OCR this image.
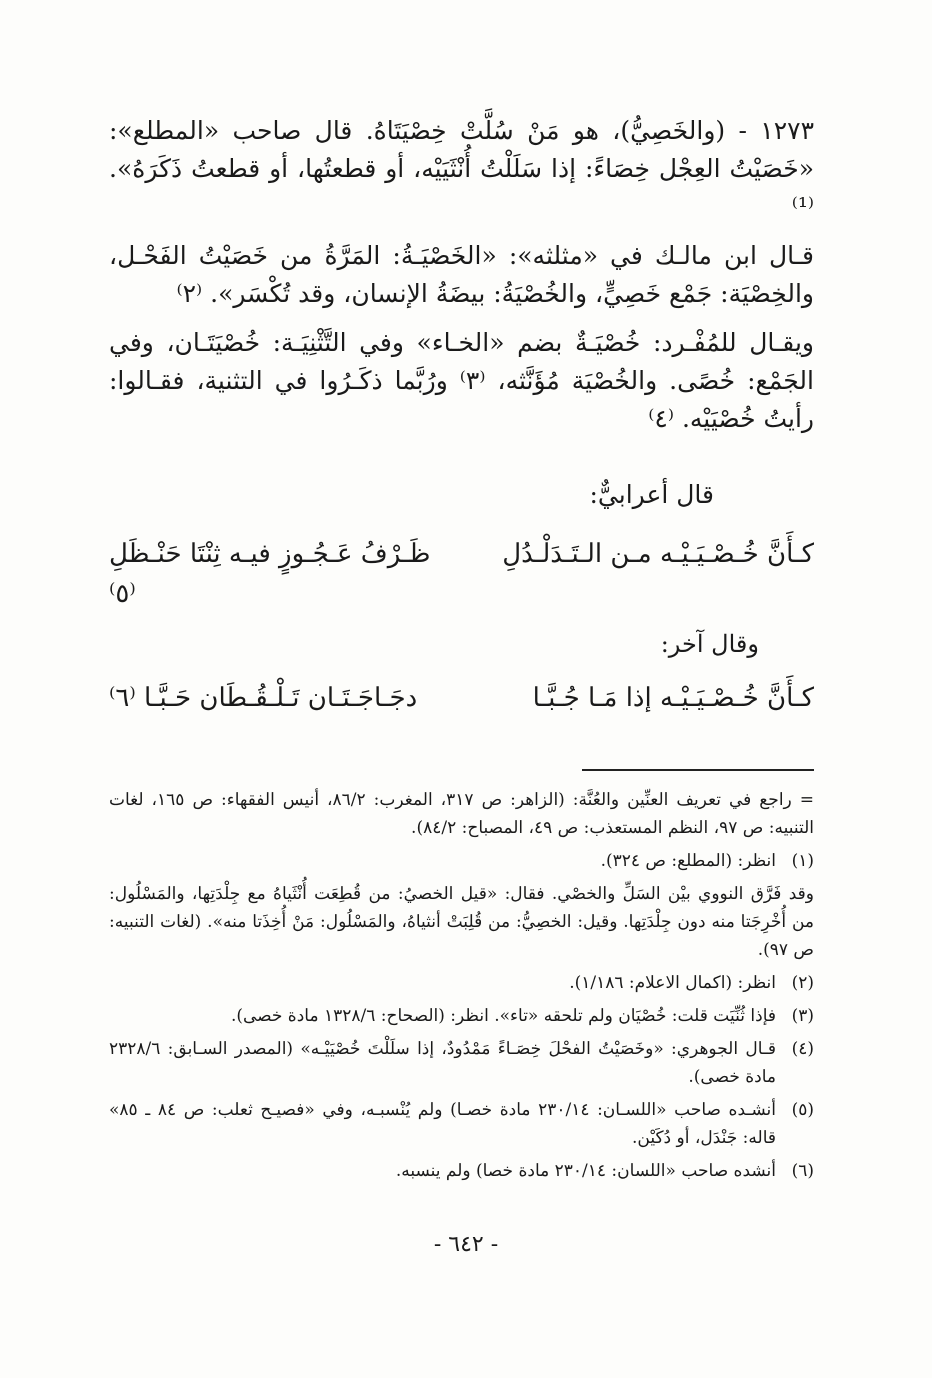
١٢٧٣ - (والخَصِيُّ)، هو مَنْ سُلَّتْ خِصْيَتَاهُ. قال صاحب «المطلع»: «خَصَيْتُ العِجْل خِصَاءً: إذا سَلَلْتُ أُنْثَيَيْه، أو قطعتُها، أو قطعتُ ذَكَرَهُ». ⁽¹⁾

قـال ابن مالـك في «مثلثه»: «الخَصْيَـةُ: المَرَّةُ من خَصَيْتُ الفَحْـل، والخِصْيَة: جَمْع خَصِيٍّ، والخُصْيَةُ: بيضَةُ الإنسان، وقد تُكْسَر». ⁽٢⁾

ويقـال للمُفْـرد: خُصْيَـةٌ بضم «الخـاء» وفي التَّثْنِيَـة: خُصْيَتَـان، وفي الجَمْع: خُصًى. والخُصْيَة مُؤَنَّثه، ⁽٣⁾ ورُبَّما ذكَـرُوا في التثنية، فقـالوا: رأيتُ خُصْيَيْه. ⁽٤⁾

قال أعرابيٌّ:

كـأَنَّ خُـصْـيَـيْـه مـن الـتَـدَلْـدُلِ
ظَـرْفُ عَـجُـوزٍ فيـه ثِنْتَا حَنْـظَلِ ⁽٥⁾

وقال آخر:

كـأَنَّ خُـصْـيَـيْـه إذا مَـا جُـبَّـا
دجَـاجَـتَـان تَـلْـقُـطَان حَـبَّـا ⁽٦⁾
= راجع في تعريف العنِّين والعُنَّة: (الزاهر: ص ٣١٧، المغرب: ٨٦/٢، أنيس الفقهاء: ص ١٦٥، لغات التنبيه: ص ٩٧، النظم المستعذب: ص ٤٩، المصباح: ٨٤/٢).
(١)
انظر: (المطلع: ص ٣٢٤).
وقد فَرَّق النووي بيْن السَلِّ والخصْي. فقال: «قيل الخصيُ: من قُطِعَت أُنْثَياهُ مع جِلْدَتِها، والمَسْلُول: من أُخْرِجَتا منه دون جِلْدَتِها. وقيل: الخصِيُّ: من قُلِبَتْ أنثياهُ، والمَسْلُول: مَنْ أُخِذَتا منه». (لغات التنبيه: ص ٩٧).
(٢)
انظر: (اكمال الاعلام: ١/١٨٦).
(٣)
فإذا ثُنِّيَت قلت: خُصْيَان ولم تلحقه «تاء». انظر: (الصحاح: ١٣٢٨/٦ مادة خصى).
(٤)
قـال الجوهري: «وخَصَيْتُ الفحْلَ خِصَـاءً مَمْدُودٌ، إذا سلَلْتَ خُصْيَيْـه» (المصدر السـابق: ٢٣٢٨/٦ مادة خصى).
(٥)
أنشـده صاحب «اللسـان: ٢٣٠/١٤ مادة خصـا) ولم يُنْسبـه، وفي «فصيـح ثعلب: ص ٨٤ ـ ٨٥» قاله: جَنْدَل، أو دُكَيْن.
(٦)
أنشده صاحب «اللسان: ٢٣٠/١٤ مادة خصا) ولم ينسبه.
- ٦٤٢ -
